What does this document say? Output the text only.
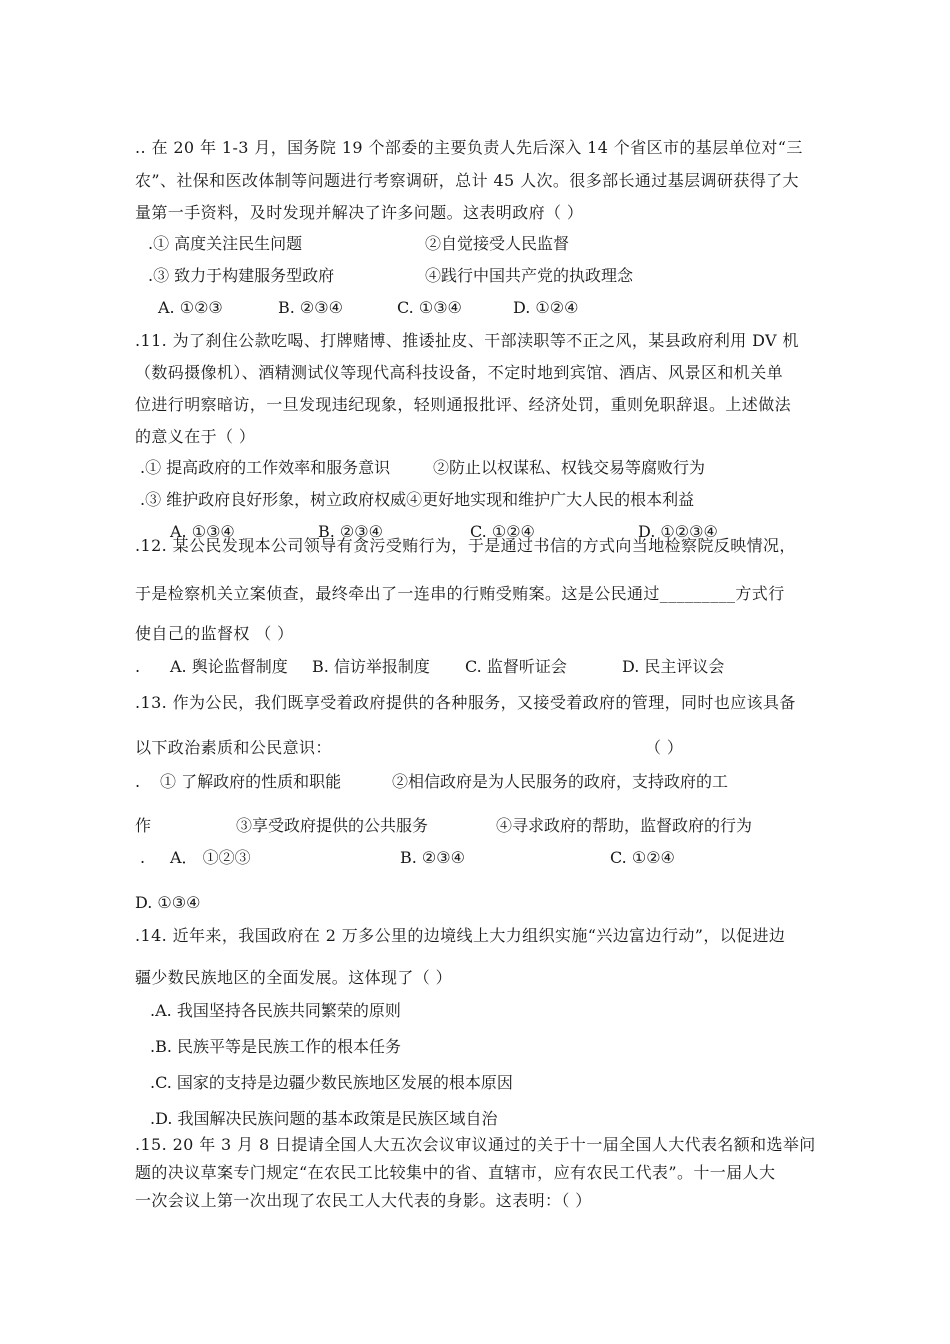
.. 在 20 年 1-3 月，国务院 19 个部委的主要负责人先后深入 14 个省区市的基层单位对“三
农”、社保和医改体制等问题进行考察调研，总计 45 人次。很多部长通过基层调研获得了大
量第一手资料，及时发现并解决了许多问题。这表明政府（ ）
.① 高度关注民生问题	②自觉接受人民监督
.③ 致力于构建服务型政府	④践行中国共产党的执政理念
A. ①②③	B. ②③④	C. ①③④	D. ①②④
.11. 为了刹住公款吃喝、打牌赌博、推诿扯皮、干部渎职等不正之风，某县政府利用 DV 机
（数码摄像机）、酒精测试仪等现代高科技设备，不定时地到宾馆、酒店、风景区和机关单
位进行明察暗访，一旦发现违纪现象，轻则通报批评、经济处罚，重则免职辞退。上述做法
的意义在于（ ）
.① 提高政府的工作效率和服务意识	②防止以权谋私、权钱交易等腐败行为
.③ 维护政府良好形象，树立政府权威④更好地实现和维护广大人民的根本利益
A. ①③④	B. ②③④	C. ①②④	D. ①②③④
.12. 某公民发现本公司领导有贪污受贿行为，于是通过书信的方式向当地检察院反映情况，
于是检察机关立案侦查，最终牵出了一连串的行贿受贿案。这是公民通过_________方式行
使自己的监督权 （ ）
. A. 舆论监督制度 B. 信访举报制度 C. 监督听证会	D. 民主评议会
.13. 作为公民，我们既享受着政府提供的各种服务，又接受着政府的管理，同时也应该具备
以下政治素质和公民意识：	（ ）
. ① 了解政府的性质和职能	②相信政府是为人民服务的政府，支持政府的工
作	③享受政府提供的公共服务	④寻求政府的帮助，监督政府的行为
. A． ①②③	B. ②③④	C. ①②④
D. ①③④
.14. 近年来，我国政府在 2 万多公里的边境线上大力组织实施“兴边富边行动”，以促进边
疆少数民族地区的全面发展。这体现了（ ）
.A. 我国坚持各民族共同繁荣的原则
.B. 民族平等是民族工作的根本任务
.C. 国家的支持是边疆少数民族地区发展的根本原因
.D. 我国解决民族问题的基本政策是民族区域自治
.15. 20 年 3 月 8 日提请全国人大五次会议审议通过的关于十一届全国人大代表名额和选举问
题的决议草案专门规定“在农民工比较集中的省、直辖市，应有农民工代表”。十一届人大
一次会议上第一次出现了农民工人大代表的身影。这表明：（ ）
